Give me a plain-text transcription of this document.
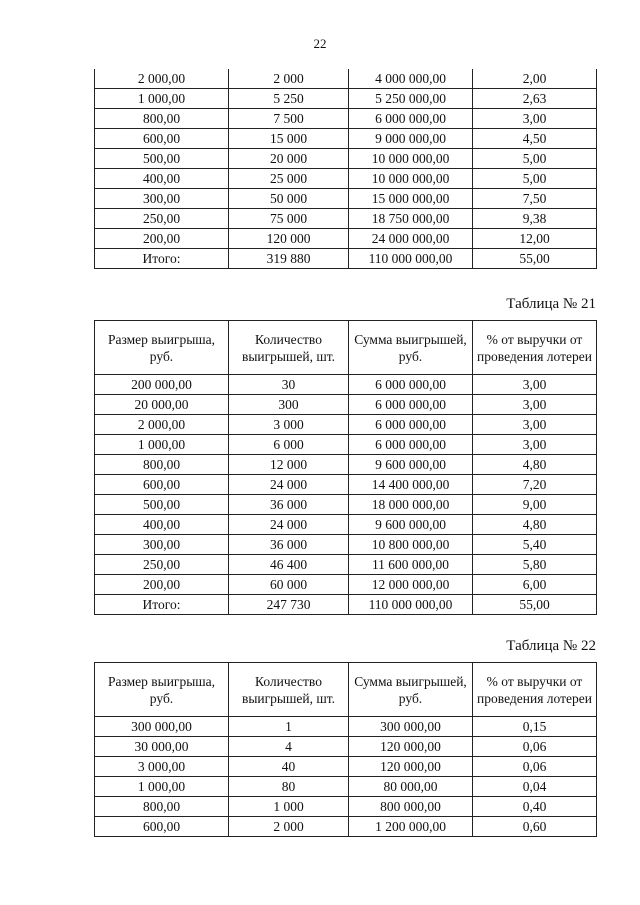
22
2 000,00	2 000	4 000 000,00	2,00
1 000,00	5 250	5 250 000,00	2,63
800,00	7 500	6 000 000,00	3,00
600,00	15 000	9 000 000,00	4,50
500,00	20 000	10 000 000,00	5,00
400,00	25 000	10 000 000,00	5,00
300,00	50 000	15 000 000,00	7,50
250,00	75 000	18 750 000,00	9,38
200,00	120 000	24 000 000,00	12,00
Итого:	319 880	110 000 000,00	55,00
Таблица № 21
Размер выигрыша, руб.	Количество выигрышей, шт.	Сумма выигрышей, руб.	% от выручки от проведения лотереи
200 000,00	30	6 000 000,00	3,00
20 000,00	300	6 000 000,00	3,00
2 000,00	3 000	6 000 000,00	3,00
1 000,00	6 000	6 000 000,00	3,00
800,00	12 000	9 600 000,00	4,80
600,00	24 000	14 400 000,00	7,20
500,00	36 000	18 000 000,00	9,00
400,00	24 000	9 600 000,00	4,80
300,00	36 000	10 800 000,00	5,40
250,00	46 400	11 600 000,00	5,80
200,00	60 000	12 000 000,00	6,00
Итого:	247 730	110 000 000,00	55,00
Таблица № 22
Размер выигрыша, руб.	Количество выигрышей, шт.	Сумма выигрышей, руб.	% от выручки от проведения лотереи
300 000,00	1	300 000,00	0,15
30 000,00	4	120 000,00	0,06
3 000,00	40	120 000,00	0,06
1 000,00	80	80 000,00	0,04
800,00	1 000	800 000,00	0,40
600,00	2 000	1 200 000,00	0,60
